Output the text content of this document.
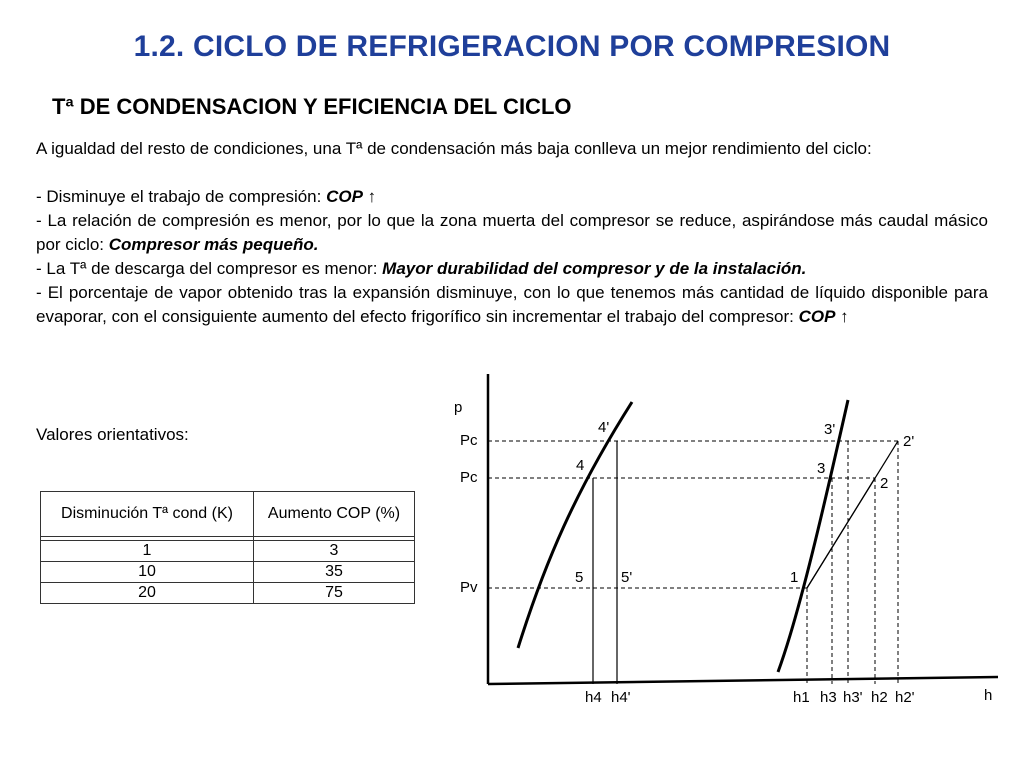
1.2. CICLO DE REFRIGERACION POR COMPRESION
Tª DE CONDENSACION Y EFICIENCIA DEL CICLO

A igualdad del resto de condiciones, una Tª de condensación más baja conlleva un mejor rendimiento del ciclo:

- Disminuye el trabajo de compresión: COP ↑

- La relación de compresión es menor, por lo que la zona muerta del compresor se reduce, aspirándose más caudal másico por ciclo: Compresor más pequeño.

- La Tª de descarga del compresor es menor: Mayor durabilidad del compresor y de la instalación.

- El porcentaje de vapor obtenido tras la expansión disminuye, con lo que tenemos más cantidad de líquido disponible para evaporar, con el consiguiente aumento del efecto frigorífico sin incrementar el trabajo del compresor: COP ↑

Valores orientativos:
Disminución Tª cond (K)	Aumento COP (%)

1	3
10	35
20	75
p
h
Pc
Pc
Pv
4'
4
5	5'
3'
3
1
2'
2
h4 h4'	h1 h3 h3' h2 h2'
